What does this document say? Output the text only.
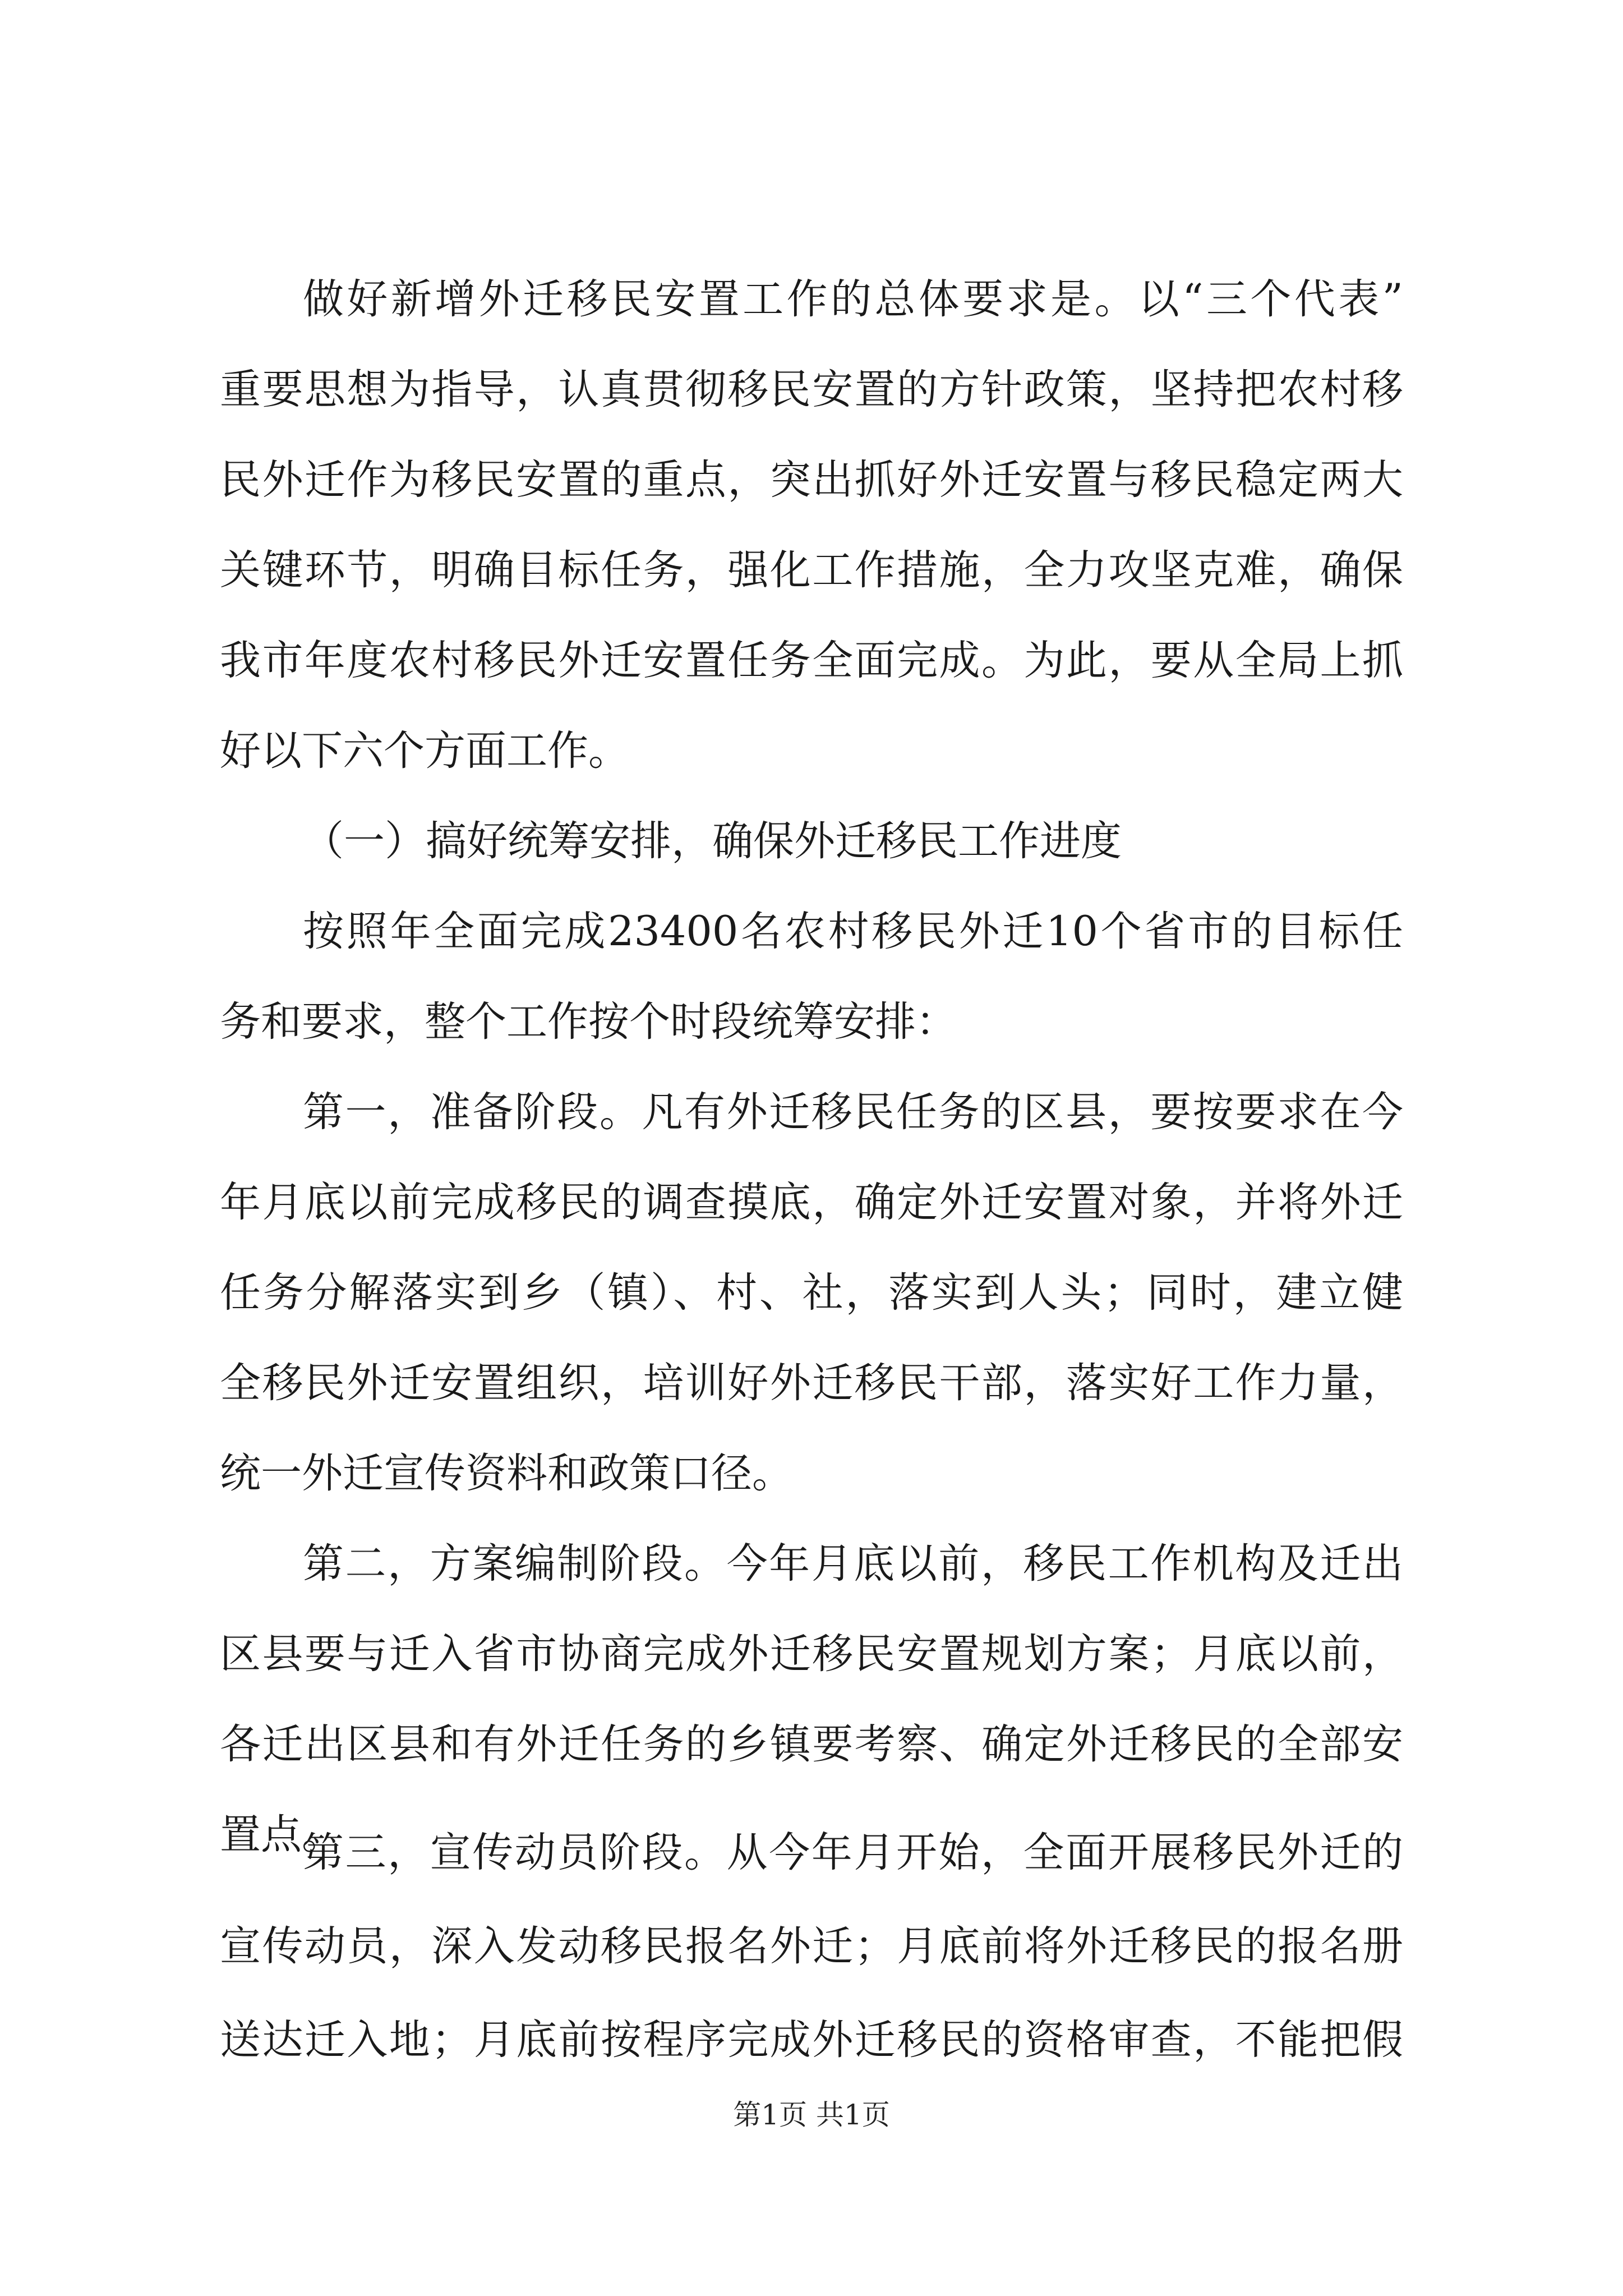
做好新增外迁移民安置工作的总体要求是。以“三个代表”
重要思想为指导，认真贯彻移民安置的方针政策，坚持把农村移
民外迁作为移民安置的重点，突出抓好外迁安置与移民稳定两大
关键环节，明确目标任务，强化工作措施，全力攻坚克难，确保
我市年度农村移民外迁安置任务全面完成。为此，要从全局上抓
好以下六个方面工作。
（一）搞好统筹安排，确保外迁移民工作进度
按照年全面完成23400名农村移民外迁10个省市的目标任
务和要求，整个工作按个时段统筹安排：
第一，准备阶段。凡有外迁移民任务的区县，要按要求在今
年月底以前完成移民的调查摸底，确定外迁安置对象，并将外迁
任务分解落实到乡（镇）、村、社，落实到人头；同时，建立健
全移民外迁安置组织，培训好外迁移民干部，落实好工作力量，
统一外迁宣传资料和政策口径。
第二，方案编制阶段。今年月底以前，移民工作机构及迁出
区县要与迁入省市协商完成外迁移民安置规划方案；月底以前，
各迁出区县和有外迁任务的乡镇要考察、确定外迁移民的全部安
置点。
第三，宣传动员阶段。从今年月开始，全面开展移民外迁的
宣传动员，深入发动移民报名外迁；月底前将外迁移民的报名册
第1页 共1页
送达迁入地；月底前按程序完成外迁移民的资格审查，不能把假
